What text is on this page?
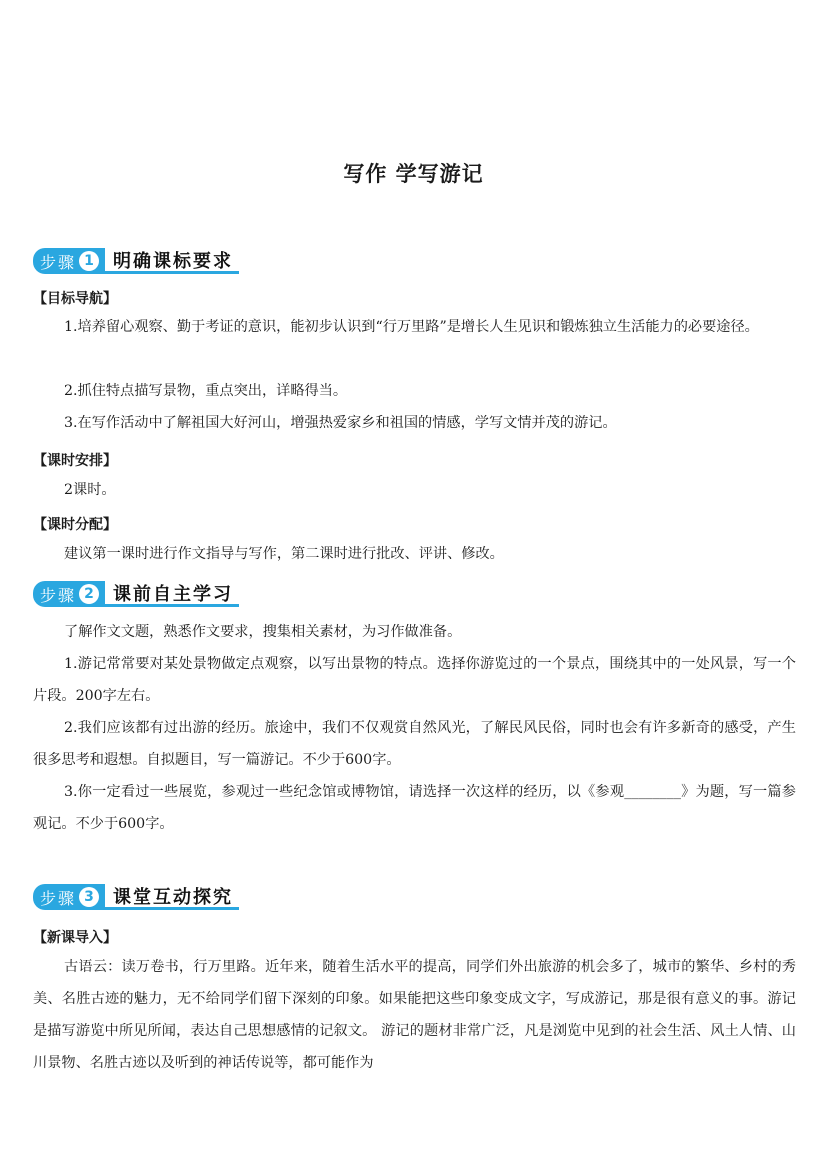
写作 学写游记
步骤 1	明确课标要求
【目标导航】

1.培养留心观察、勤于考证的意识，能初步认识到“行万里路”是增长人生见识和锻炼独立生活能力的必要途径。

2.抓住特点描写景物，重点突出，详略得当。

3.在写作活动中了解祖国大好河山，增强热爱家乡和祖国的情感，学写文情并茂的游记。

【课时安排】

2课时。

【课时分配】

建议第一课时进行作文指导与写作，第二课时进行批改、评讲、修改。

步骤 2	课前自主学习

了解作文文题，熟悉作文要求，搜集相关素材，为习作做准备。

1.游记常常要对某处景物做定点观察，以写出景物的特点。选择你游览过的一个景点，围绕其中的一处风景，写一个片段。200字左右。

2.我们应该都有过出游的经历。旅途中，我们不仅观赏自然风光，了解民风民俗，同时也会有许多新奇的感受，产生很多思考和遐想。自拟题目，写一篇游记。不少于600字。

3.你一定看过一些展览，参观过一些纪念馆或博物馆，请选择一次这样的经历，以《参观________》为题，写一篇参观记。不少于600字。

步骤 3	课堂互动探究
【新课导入】

古语云：读万卷书，行万里路。近年来，随着生活水平的提高，同学们外出旅游的机会多了，城市的繁华、乡村的秀美、名胜古迹的魅力，无不给同学们留下深刻的印象。如果能把这些印象变成文字，写成游记，那是很有意义的事。游记是描写游览中所见所闻，表达自己思想感情的记叙文。 游记的题材非常广泛，凡是浏览中见到的社会生活、风土人情、山川景物、名胜古迹以及听到的神话传说等，都可能作为
